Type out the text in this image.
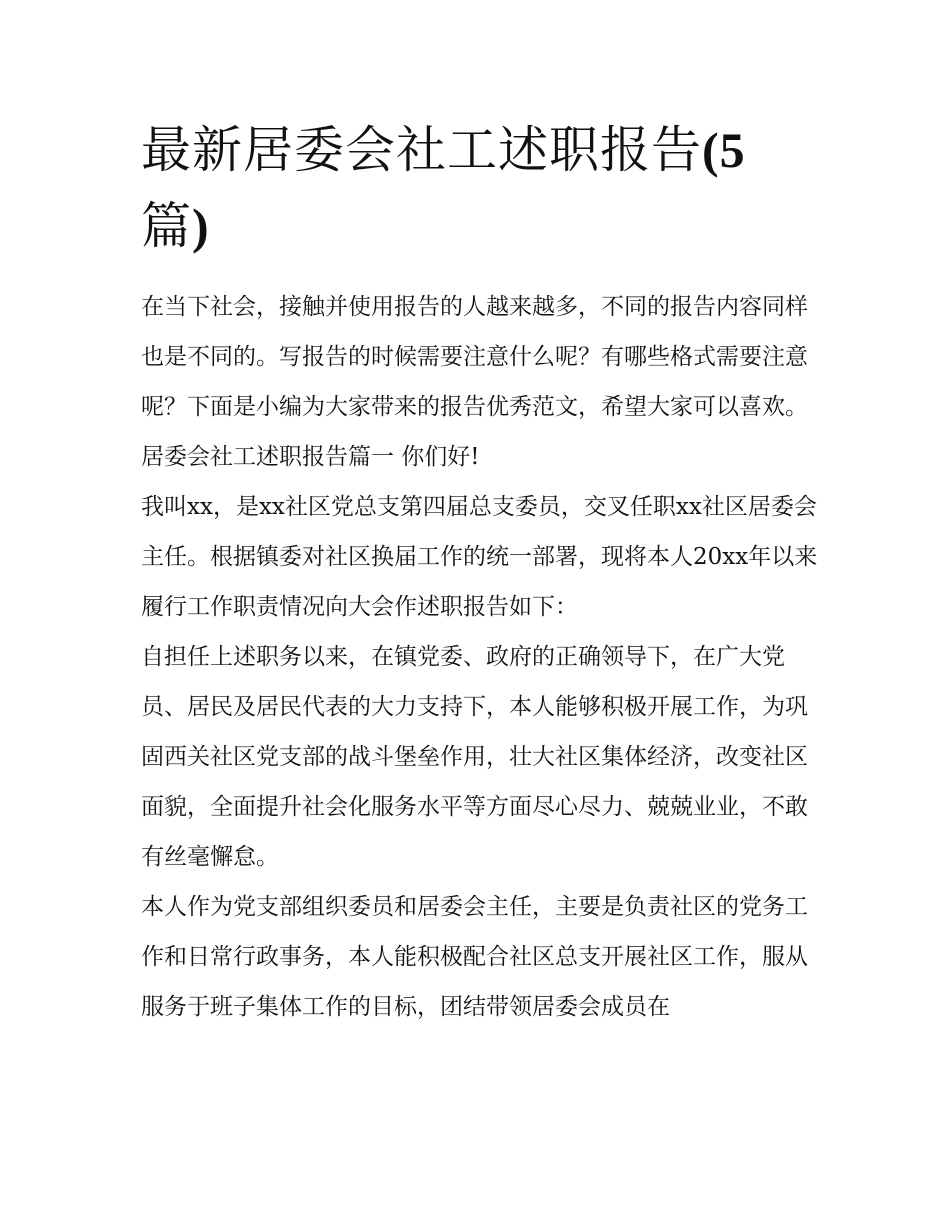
最新居委会社工述职报告(5
篇)

在当下社会，接触并使用报告的人越来越多，不同的报告内容同样也是不同的。写报告的时候需要注意什么呢？有哪些格式需要注意呢？下面是小编为大家带来的报告优秀范文，希望大家可以喜欢。

居委会社工述职报告篇一 你们好!

我叫xx，是xx社区党总支第四届总支委员，交叉任职xx社区居委会主任。根据镇委对社区换届工作的统一部署，现将本人20xx年以来履行工作职责情况向大会作述职报告如下：

自担任上述职务以来，在镇党委、政府的正确领导下，在广大党员、居民及居民代表的大力支持下，本人能够积极开展工作，为巩固西关社区党支部的战斗堡垒作用，壮大社区集体经济，改变社区面貌，全面提升社会化服务水平等方面尽心尽力、兢兢业业，不敢有丝毫懈怠。

本人作为党支部组织委员和居委会主任，主要是负责社区的党务工作和日常行政事务，本人能积极配合社区总支开展社区工作，服从服务于班子集体工作的目标，团结带领居委会成员在
